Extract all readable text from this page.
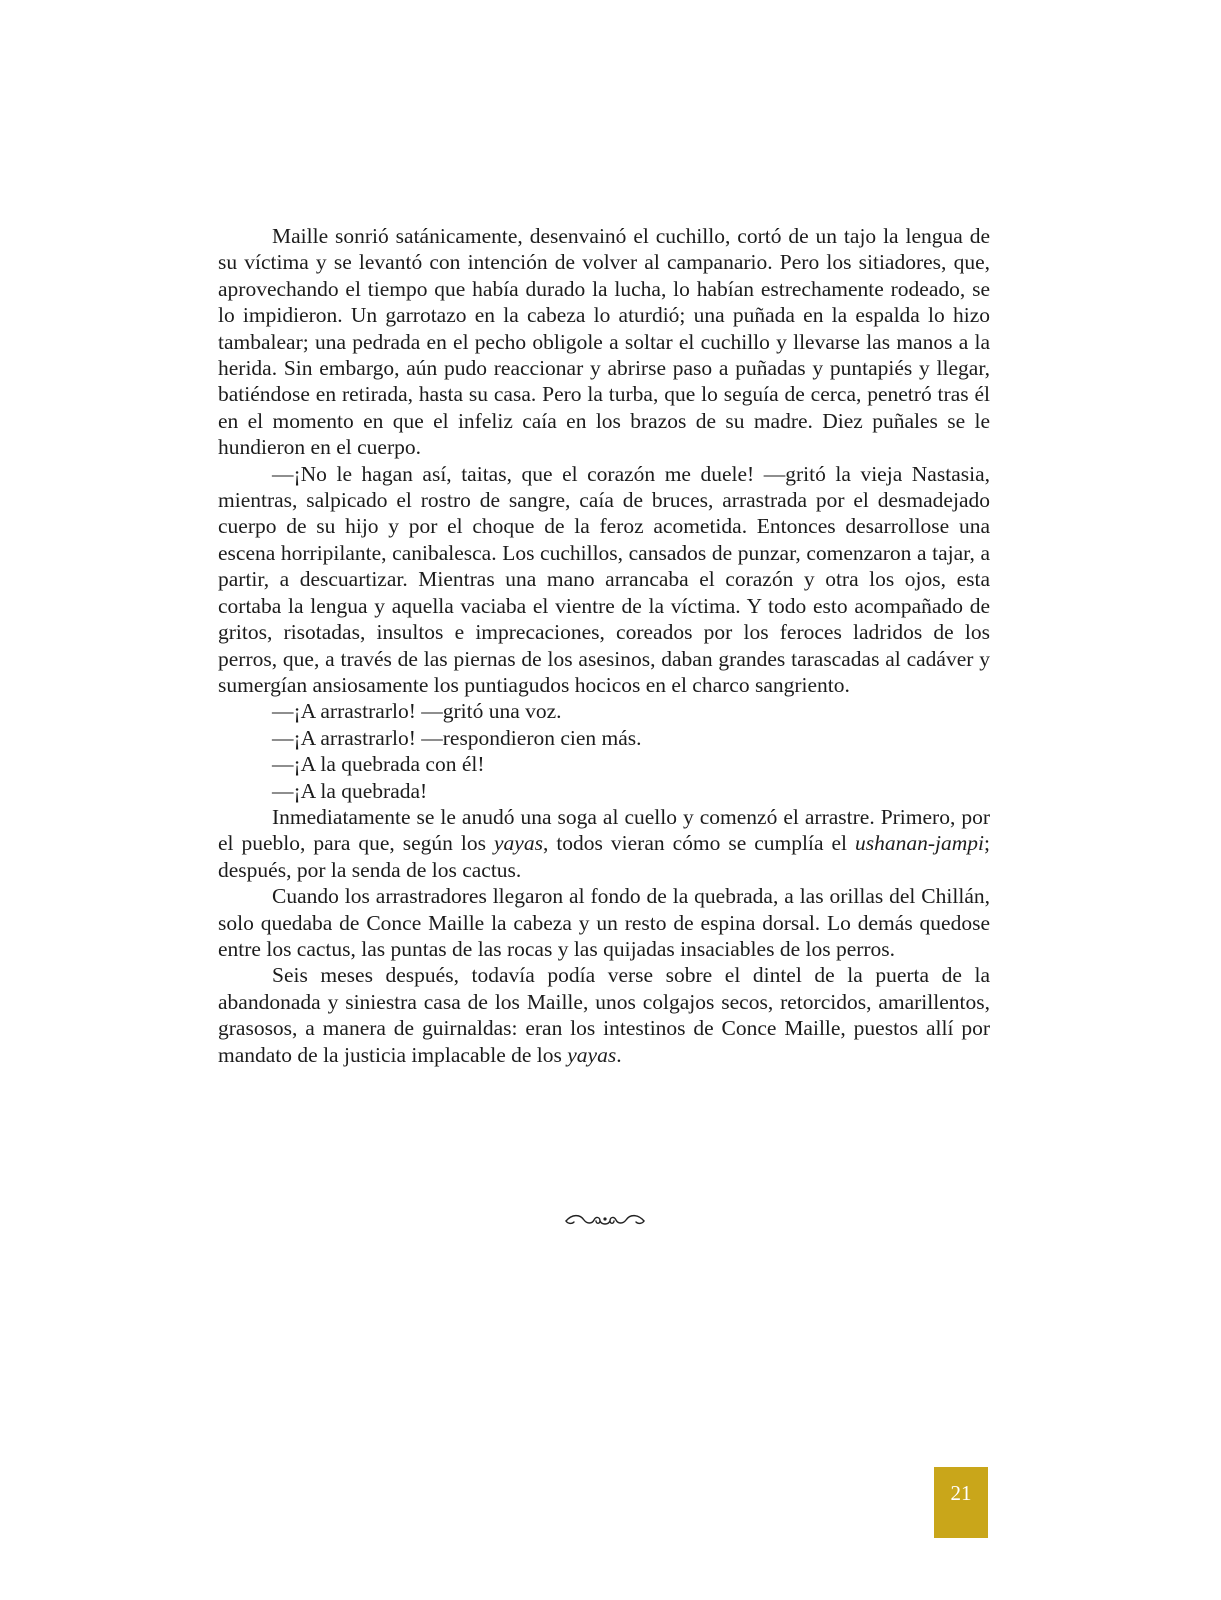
Maille sonrió satánicamente, desenvainó el cuchillo, cortó de un tajo la lengua de su víctima y se levantó con intención de volver al campanario. Pero los sitiadores, que, aprovechando el tiempo que había durado la lucha, lo habían estrechamente rodeado, se lo impidieron. Un garrotazo en la cabeza lo aturdió; una puñada en la espalda lo hizo tambalear; una pedrada en el pecho obligole a soltar el cuchillo y llevarse las manos a la herida. Sin embargo, aún pudo reaccionar y abrirse paso a puñadas y puntapiés y llegar, batiéndose en retirada, hasta su casa. Pero la turba, que lo seguía de cerca, penetró tras él en el momento en que el infeliz caía en los brazos de su madre. Diez puñales se le hundieron en el cuerpo.

—¡No le hagan así, taitas, que el corazón me duele! —gritó la vieja Nastasia, mientras, salpicado el rostro de sangre, caía de bruces, arrastrada por el desmadejado cuerpo de su hijo y por el choque de la feroz acometida. Entonces desarrollose una escena horripilante, canibalesca. Los cuchillos, cansados de punzar, comenzaron a tajar, a partir, a descuartizar. Mientras una mano arrancaba el corazón y otra los ojos, esta cortaba la lengua y aquella vaciaba el vientre de la víctima. Y todo esto acompañado de gritos, risotadas, insultos e imprecaciones, coreados por los feroces ladridos de los perros, que, a través de las piernas de los asesinos, daban grandes tarascadas al cadáver y sumergían ansiosamente los puntiagudos hocicos en el charco sangriento.

—¡A arrastrarlo! —gritó una voz.

—¡A arrastrarlo! —respondieron cien más.

—¡A la quebrada con él!

—¡A la quebrada!

Inmediatamente se le anudó una soga al cuello y comenzó el arrastre. Primero, por el pueblo, para que, según los yayas, todos vieran cómo se cumplía el ushanan-jampi; después, por la senda de los cactus.

Cuando los arrastradores llegaron al fondo de la quebrada, a las orillas del Chillán, solo quedaba de Conce Maille la cabeza y un resto de espina dorsal. Lo demás quedose entre los cactus, las puntas de las rocas y las quijadas insaciables de los perros.

Seis meses después, todavía podía verse sobre el dintel de la puerta de la abandonada y siniestra casa de los Maille, unos colgajos secos, retorcidos, amarillentos, grasosos, a manera de guirnaldas: eran los intestinos de Conce Maille, puestos allí por mandato de la justicia implacable de los yayas.

21
